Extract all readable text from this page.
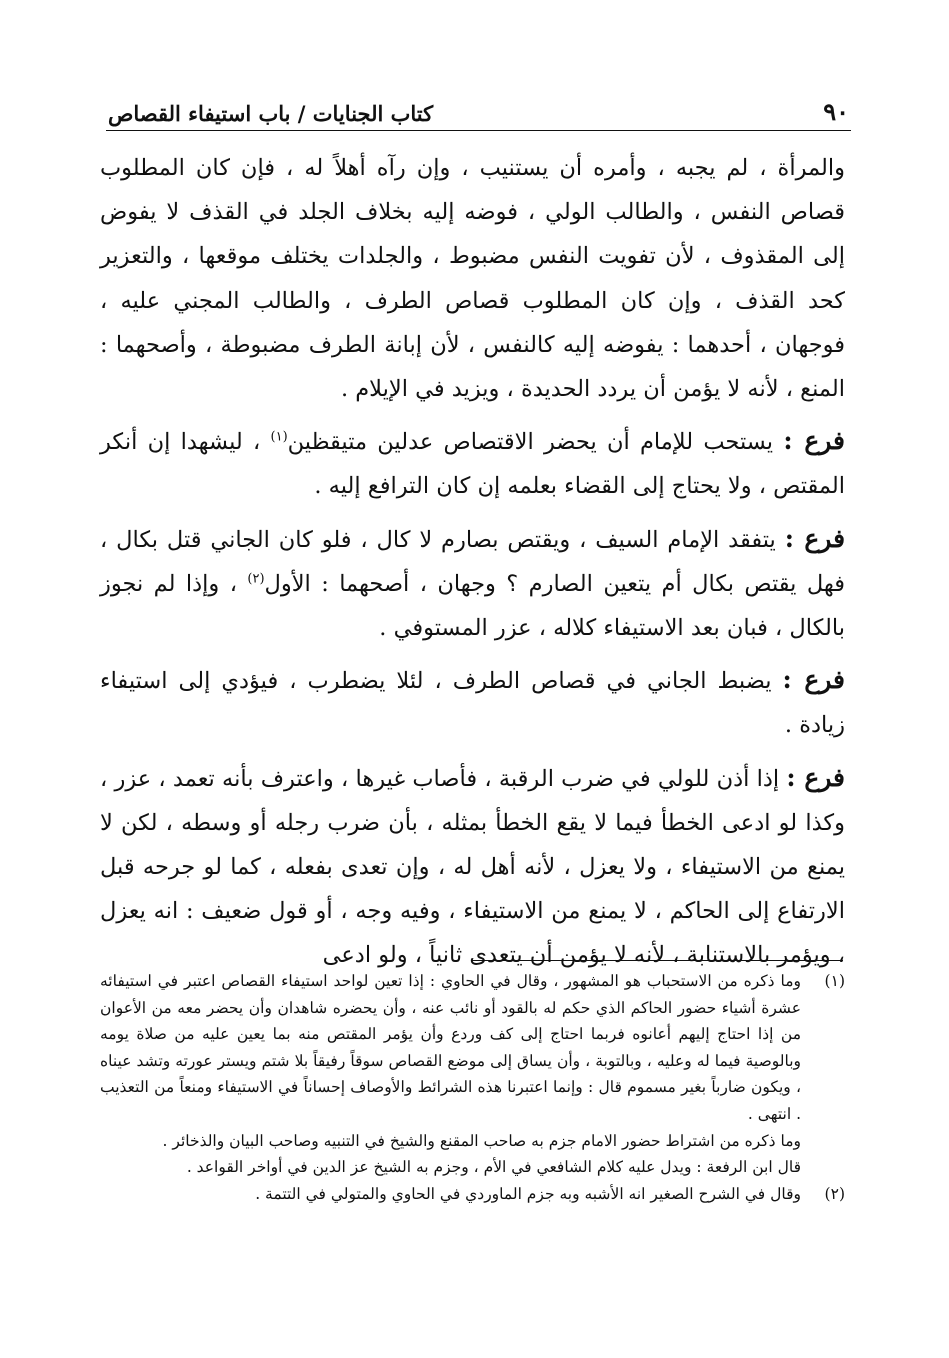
٩٠
كتاب الجنايات / باب استيفاء القصاص

والمرأة ، لم يجبه ، وأمره أن يستنيب ، وإن رآه أهلاً له ، فإن كان المطلوب قصاص النفس ، والطالب الولي ، فوضه إليه بخلاف الجلد في القذف لا يفوض إلى المقذوف ، لأن تفويت النفس مضبوط ، والجلدات يختلف موقعها ، والتعزير كحد القذف ، وإن كان المطلوب قصاص الطرف ، والطالب المجني عليه ، فوجهان ، أحدهما : يفوضه إليه كالنفس ، لأن إبانة الطرف مضبوطة ، وأصحهما : المنع ، لأنه لا يؤمن أن يردد الحديدة ، ويزيد في الإيلام .

فرع : يستحب للإمام أن يحضر الاقتصاص عدلين متيقظين$^{(١)}$ ، ليشهدا إن أنكر المقتص ، ولا يحتاج إلى القضاء بعلمه إن كان الترافع إليه .

فرع : يتفقد الإمام السيف ، ويقتص بصارم لا كال ، فلو كان الجاني قتل بكال ، فهل يقتص بكال أم يتعين الصارم ؟ وجهان ، أصحهما : الأول$^{(٢)}$ ، وإذا لم نجوز بالكال ، فبان بعد الاستيفاء كلاله ، عزر المستوفي .

فرع : يضبط الجاني في قصاص الطرف ، لئلا يضطرب ، فيؤدي إلى استيفاء زيادة .

فرع : إذا أذن للولي في ضرب الرقبة ، فأصاب غيرها ، واعترف بأنه تعمد ، عزر ، وكذا لو ادعى الخطأ فيما لا يقع الخطأ بمثله ، بأن ضرب رجله أو وسطه ، لكن لا يمنع من الاستيفاء ، ولا يعزل ، لأنه أهل له ، وإن تعدى بفعله ، كما لو جرحه قبل الارتفاع إلى الحاكم ، لا يمنع من الاستيفاء ، وفيه وجه ، أو قول ضعيف : انه يعزل ، ويؤمر بالاستنابة ، لأنه لا يؤمن أن يتعدى ثانياً ، ولو ادعى

(١)وما ذكره من الاستحباب هو المشهور ، وقال في الحاوي : إذا تعين لواحد استيفاء القصاص اعتبر في استيفائه عشرة أشياء حضور الحاكم الذي حكم له بالقود أو نائب عنه ، وأن يحضره شاهدان وأن يحضر معه من الأعوان من إذا احتاج إليهم أعانوه فربما احتاج إلى كف وردع وأن يؤمر المقتص منه بما يعين عليه من صلاة يومه وبالوصية فيما له وعليه ، وبالتوبة ، وأن يساق إلى موضع القصاص سوقاً رفيقاً بلا شتم ويستر عورته وتشد عيناه ، ويكون ضارباً بغير مسموم قال : وإنما اعتبرنا هذه الشرائط والأوصاف إحساناً في الاستيفاء ومنعاً من التعذيب . انتهى .

وما ذكره من اشتراط حضور الامام جزم به صاحب المقنع والشيخ في التنبيه وصاحب البيان والذخائر .

قال ابن الرفعة : ويدل عليه كلام الشافعي في الأم ، وجزم به الشيخ عز الدين في أواخر القواعد .

(٢)وقال في الشرح الصغير انه الأشبه وبه جزم الماوردي في الحاوي والمتولي في التتمة .
